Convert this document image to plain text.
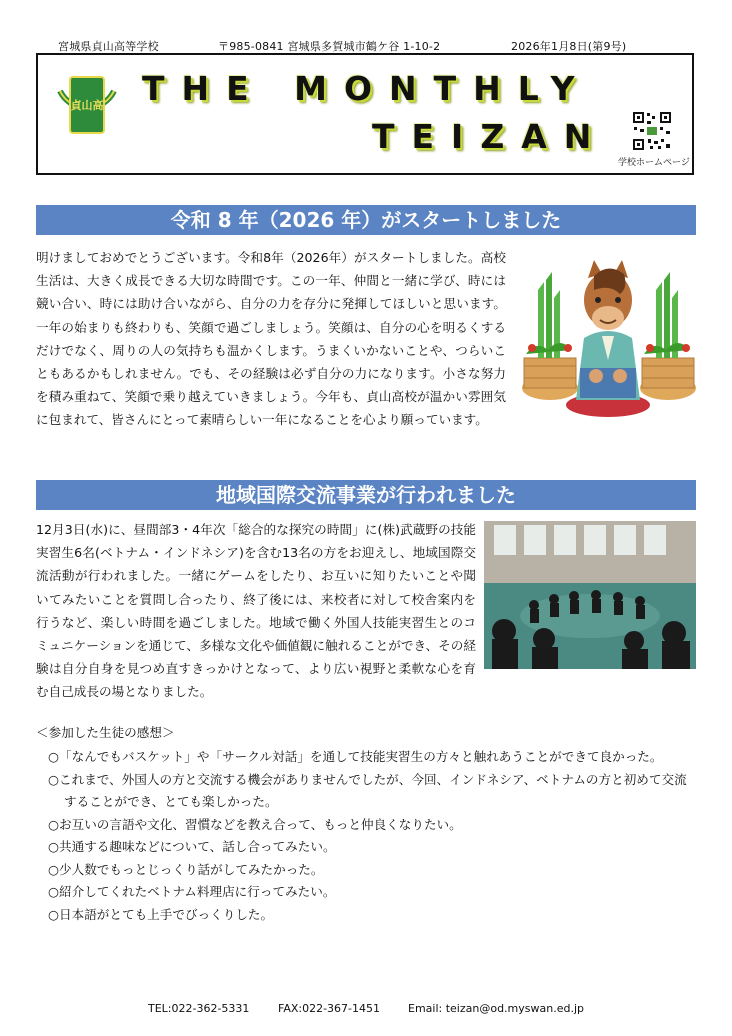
宮城県貞山高等学校	〒985-0841 宮城県多賀城市鶴ケ谷 1-10-2	2026年1月8日(第9号)
貞山高 THE MONTHLY
TEIZAN
学校ホームページ
令和 8 年（2026 年）がスタートしました

明けましておめでとうございます。令和8年（2026年）がスタートしました。高校生活は、大きく成長できる大切な時間です。この一年、仲間と一緒に学び、時には競い合い、時には助け合いながら、自分の力を存分に発揮してほしいと思います。一年の始まりも終わりも、笑顔で過ごしましょう。笑顔は、自分の心を明るくするだけでなく、周りの人の気持ちも温かくします。うまくいかないことや、つらいこともあるかもしれません。でも、その経験は必ず自分の力になります。小さな努力を積み重ねて、笑顔で乗り越えていきましょう。今年も、貞山高校が温かい雰囲気に包まれて、皆さんにとって素晴らしい一年になることを心より願っています。

地域国際交流事業が行われました

12月3日(水)に、昼間部3・4年次「総合的な探究の時間」に(株)武蔵野の技能実習生6名(ベトナム・インドネシア)を含む13名の方をお迎えし、地域国際交流活動が行われました。一緒にゲームをしたり、お互いに知りたいことや聞いてみたいことを質問し合ったり、終了後には、来校者に対して校舎案内を行うなど、楽しい時間を過ごしました。地域で働く外国人技能実習生とのコミュニケーションを通じて、多様な文化や価値観に触れることができ、その経験は自分自身を見つめ直すきっかけとなって、より広い視野と柔軟な心を育む自己成長の場となりました。

＜参加した生徒の感想＞
○ 「なんでもバスケット」や「サークル対話」を通して技能実習生の方々と触れあうことができて良かった。
○ これまで、外国人の方と交流する機会がありませんでしたが、今回、インドネシア、ベトナムの方と初めて交流することができ、とても楽しかった。
○ お互いの言語や文化、習慣などを教え合って、もっと仲良くなりたい。
○ 共通する趣味などについて、話し合ってみたい。
○ 少人数でもっとじっくり話がしてみたかった。
○ 紹介してくれたベトナム料理店に行ってみたい。
○ 日本語がとても上手でびっくりした。
TEL:022-362-5331	FAX:022-367-1451	Email: teizan@od.myswan.ed.jp
